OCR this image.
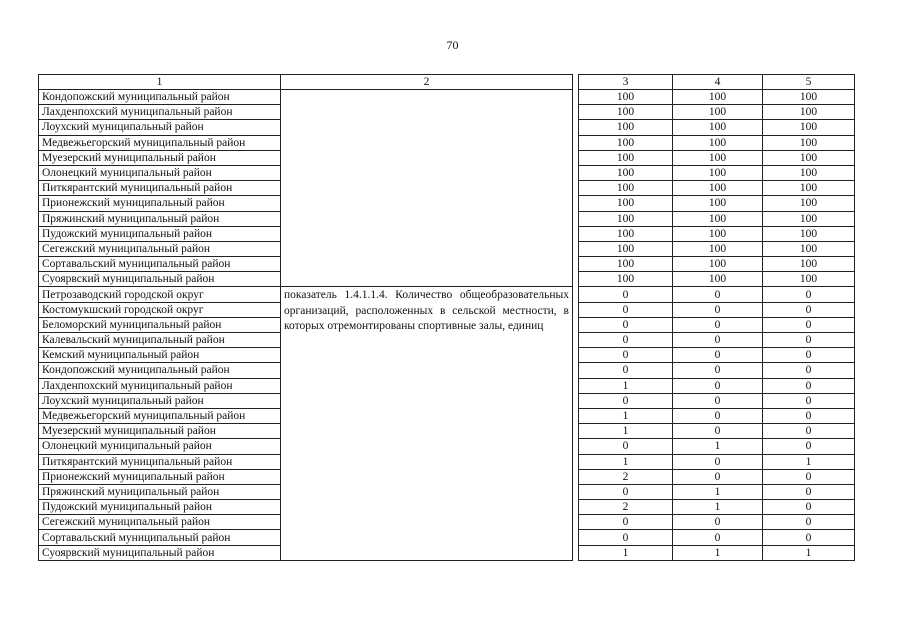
70
1	2		3	4	5
Кондопожский муниципальный район			100	100	100
Лахденпохский муниципальный район			100	100	100
Лоухский муниципальный район			100	100	100
Медвежьегорский муниципальный район			100	100	100
Муезерский муниципальный район			100	100	100
Олонецкий муниципальный район			100	100	100
Питкярантский муниципальный район			100	100	100
Прионежский муниципальный район			100	100	100
Пряжинский муниципальный район			100	100	100
Пудожский муниципальный район			100	100	100
Сегежский муниципальный район			100	100	100
Сортавальский муниципальный район			100	100	100
Суоярвский муниципальный район			100	100	100
Петрозаводский городской округ	показатель 1.4.1.1.4. Количество общеобразовательных организаций, расположенных в сельской местности, в которых отремонтированы спортивные залы, единиц		0	0	0
Костомукшский городской округ			0	0	0
Беломорский муниципальный район			0	0	0
Калевальский муниципальный район			0	0	0
Кемский муниципальный район			0	0	0
Кондопожский муниципальный район			0	0	0
Лахденпохский муниципальный район			1	0	0
Лоухский муниципальный район			0	0	0
Медвежьегорский муниципальный район			1	0	0
Муезерский муниципальный район			1	0	0
Олонецкий муниципальный район			0	1	0
Питкярантский муниципальный район			1	0	1
Прионежский муниципальный район			2	0	0
Пряжинский муниципальный район			0	1	0
Пудожский муниципальный район			2	1	0
Сегежский муниципальный район			0	0	0
Сортавальский муниципальный район			0	0	0
Суоярвский муниципальный район			1	1	1
